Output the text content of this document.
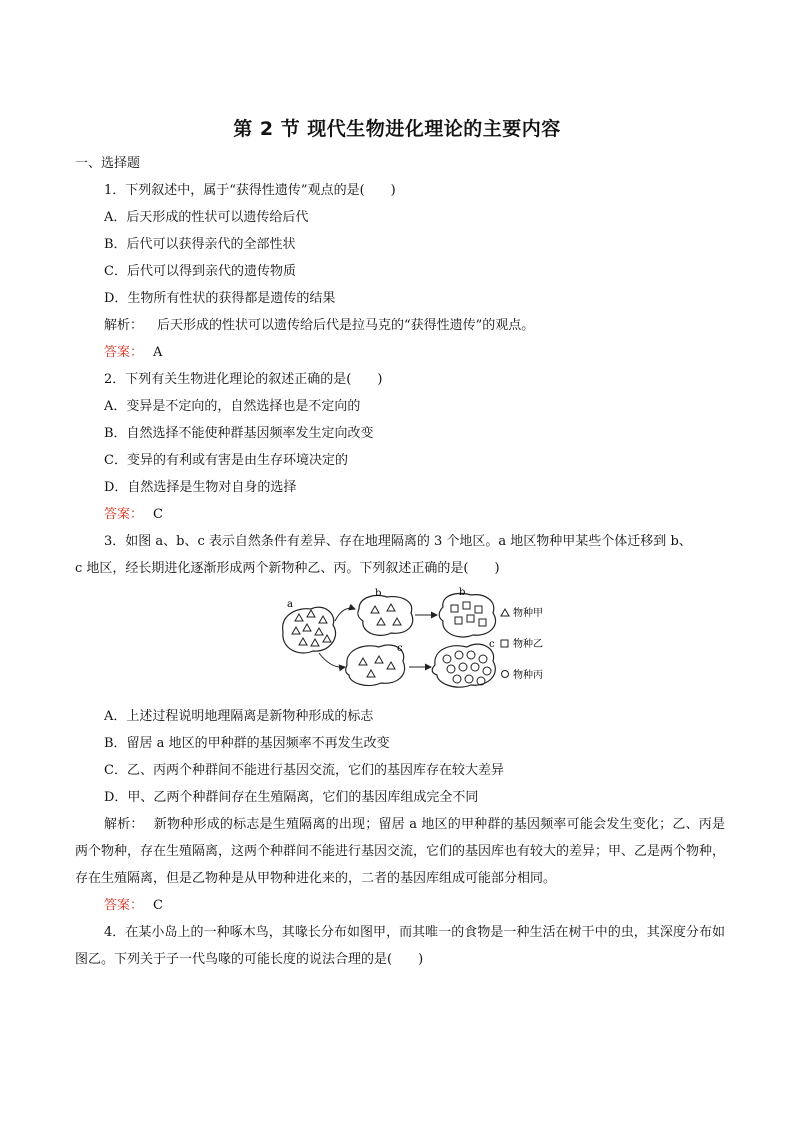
第 2 节 现代生物进化理论的主要内容
一、选择题
1．下列叙述中，属于“获得性遗传”观点的是(　　)
A．后天形成的性状可以遗传给后代
B．后代可以获得亲代的全部性状
C．后代可以得到亲代的遗传物质
D．生物所有性状的获得都是遗传的结果
解析： 后天形成的性状可以遗传给后代是拉马克的“获得性遗传”的观点。
答案： A
2．下列有关生物进化理论的叙述正确的是(　　)
A．变异是不定向的，自然选择也是不定向的
B．自然选择不能使种群基因频率发生定向改变
C．变异的有利或有害是由生存环境决定的
D．自然选择是生物对自身的选择
答案： C
3．如图 a、b、c 表示自然条件有差异、存在地理隔离的 3 个地区。a 地区物种甲某些个体迁移到 b、
c 地区，经长期进化逐渐形成两个新物种乙、丙。下列叙述正确的是(　　)
a
b
c
b
c
物种甲
物种乙
物种丙
A．上述过程说明地理隔离是新物种形成的标志
B．留居 a 地区的甲种群的基因频率不再发生改变
C．乙、丙两个种群间不能进行基因交流，它们的基因库存在较大差异
D．甲、乙两个种群间存在生殖隔离，它们的基因库组成完全不同
解析： 新物种形成的标志是生殖隔离的出现；留居 a 地区的甲种群的基因频率可能会发生变化；乙、丙是两个物种，存在生殖隔离，这两个种群间不能进行基因交流，它们的基因库也有较大的差异；甲、乙是两个物种，存在生殖隔离，但是乙物种是从甲物种进化来的，二者的基因库组成可能部分相同。
答案： C
4．在某小岛上的一种啄木鸟，其喙长分布如图甲，而其唯一的食物是一种生活在树干中的虫，其深度分布如图乙。下列关于子一代鸟喙的可能长度的说法合理的是(　　)
